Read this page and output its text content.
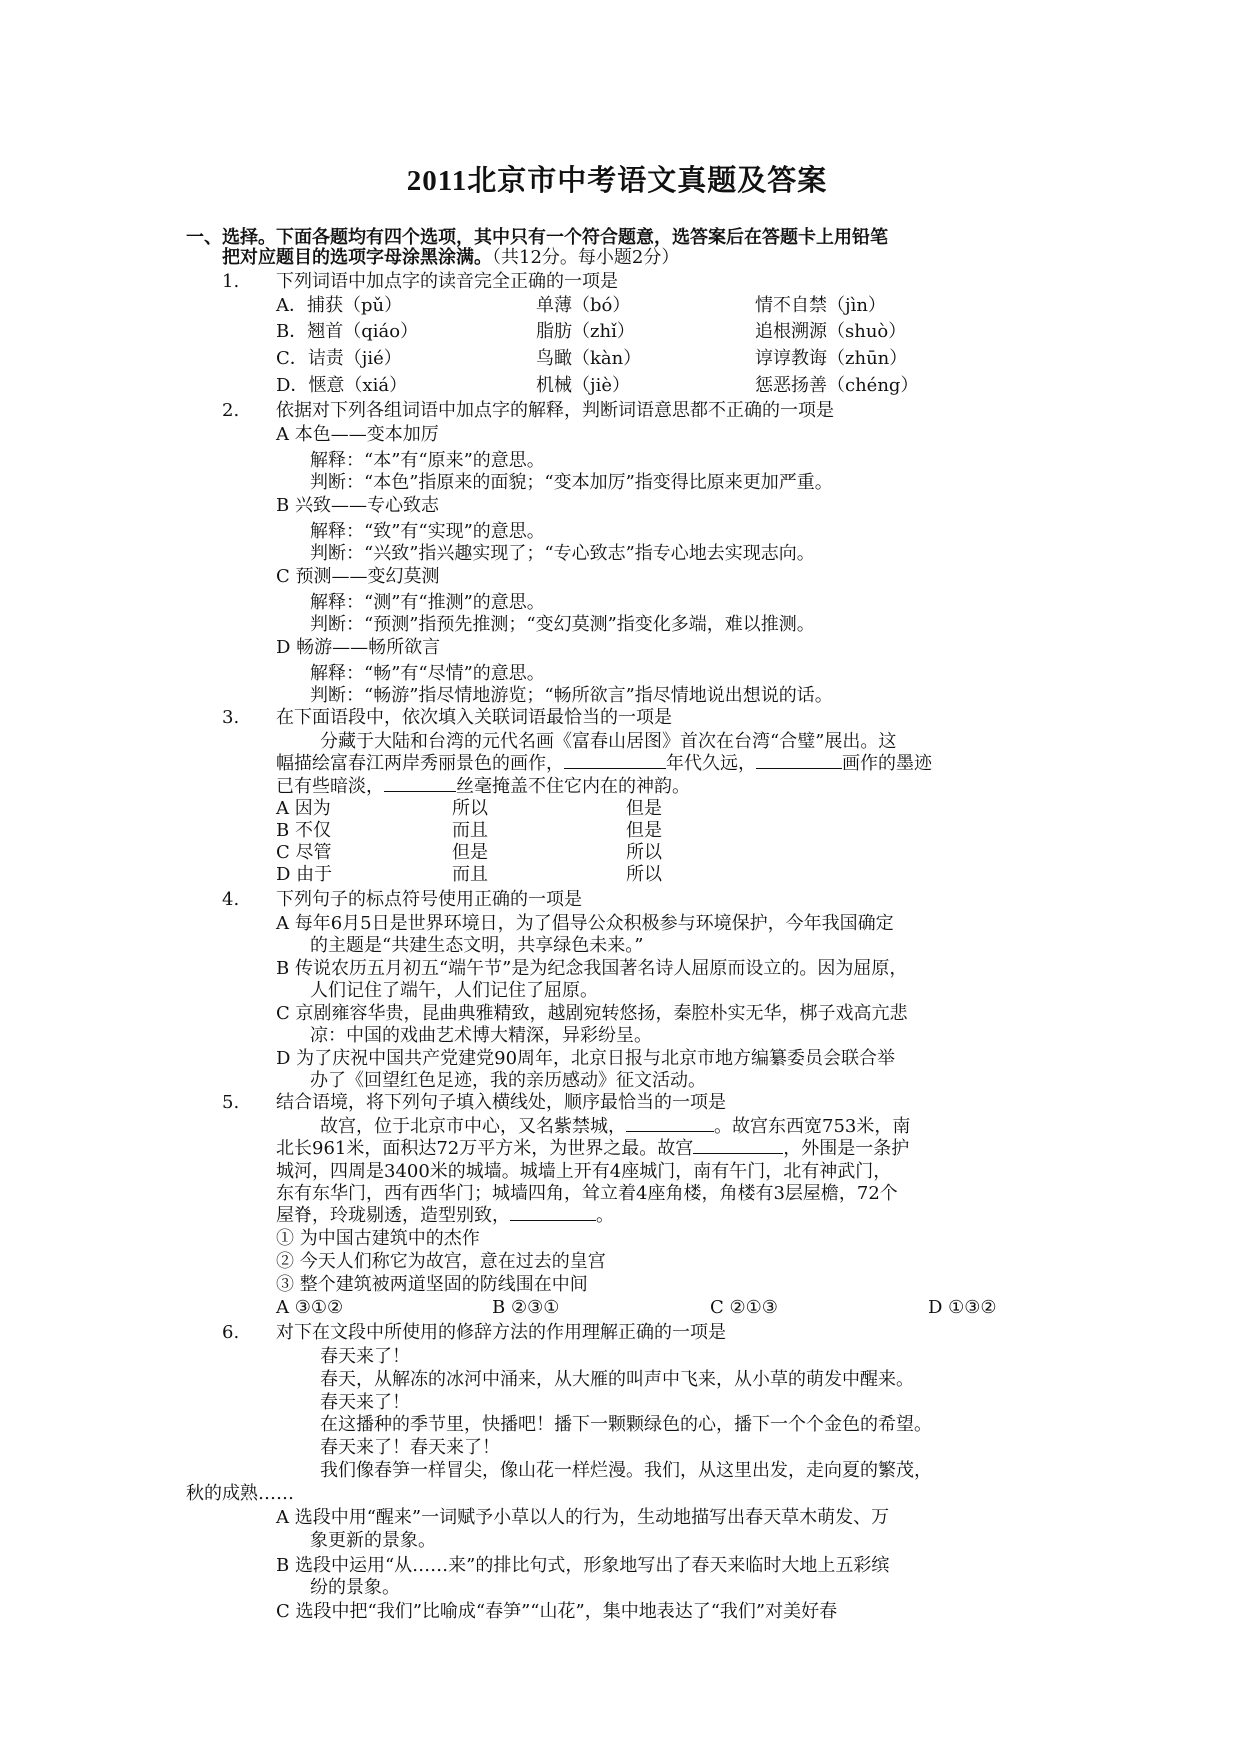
2011北京市中考语文真题及答案
一、选择。下面各题均有四个选项，其中只有一个符合题意，选答案后在答题卡上用铅笔
把对应题目的选项字母涂黑涂满。（共12分。每小题2分）
1. 下列词语中加点字的读音完全正确的一项是
A．捕获（pǔ）	单薄（bó）	情不自禁（jìn）
B．翘首（qiáo）	脂肪（zhǐ）	追根溯源（shuò）
C．诘责（jié）	鸟瞰（kàn）	谆谆教诲（zhūn）
D．惬意（xiá）	机械（jiè）	惩恶扬善（chéng）
2. 依据对下列各组词语中加点字的解释，判断词语意思都不正确的一项是
A 本色——变本加厉
解释：“本”有“原来”的意思。
判断：“本色”指原来的面貌；“变本加厉”指变得比原来更加严重。
B 兴致——专心致志
解释：“致”有“实现”的意思。
判断：“兴致”指兴趣实现了；“专心致志”指专心地去实现志向。
C 预测——变幻莫测
解释：“测”有“推测”的意思。
判断：“预测”指预先推测；“变幻莫测”指变化多端，难以推测。
D 畅游——畅所欲言
解释：“畅”有“尽情”的意思。
判断：“畅游”指尽情地游览；“畅所欲言”指尽情地说出想说的话。
3. 在下面语段中，依次填入关联词语最恰当的一项是
分藏于大陆和台湾的元代名画《富春山居图》首次在台湾“合璧”展出。这
幅描绘富春江两岸秀丽景色的画作，	年代久远，	画作的墨迹
已有些暗淡，	丝毫掩盖不住它内在的神韵。
A 因为	所以	但是
B 不仅	而且	但是
C 尽管	但是	所以
D 由于	而且	所以
4. 下列句子的标点符号使用正确的一项是
A 每年6月5日是世界环境日，为了倡导公众积极参与环境保护，今年我国确定
的主题是“共建生态文明，共享绿色未来。”
B 传说农历五月初五“端午节”是为纪念我国著名诗人屈原而设立的。因为屈原，
人们记住了端午，人们记住了屈原。
C 京剧雍容华贵，昆曲典雅精致，越剧宛转悠扬，秦腔朴实无华，梆子戏高亢悲
凉：中国的戏曲艺术博大精深，异彩纷呈。
D 为了庆祝中国共产党建党90周年，北京日报与北京市地方编纂委员会联合举
办了《回望红色足迹，我的亲历感动》征文活动。
5. 结合语境，将下列句子填入横线处，顺序最恰当的一项是
故宫，位于北京市中心，又名紫禁城，	。故宫东西宽753米，南
北长961米，面积达72万平方米，为世界之最。故宫	，外围是一条护
城河，四周是3400米的城墙。城墙上开有4座城门，南有午门，北有神武门，
东有东华门，西有西华门；城墙四角，耸立着4座角楼，角楼有3层屋檐，72个
屋脊，玲珑剔透，造型别致，	。
① 为中国古建筑中的杰作
② 今天人们称它为故宫，意在过去的皇宫
③ 整个建筑被两道坚固的防线围在中间
A ③①②	B ②③①	C ②①③	D ①③②
6. 对下在文段中所使用的修辞方法的作用理解正确的一项是
春天来了！
春天，从解冻的冰河中涌来，从大雁的叫声中飞来，从小草的萌发中醒来。
春天来了！
在这播种的季节里，快播吧！播下一颗颗绿色的心，播下一个个金色的希望。
春天来了！春天来了！
我们像春笋一样冒尖，像山花一样烂漫。我们，从这里出发，走向夏的繁茂，
秋的成熟……
A 选段中用“醒来”一词赋予小草以人的行为，生动地描写出春天草木萌发、万
象更新的景象。
B 选段中运用“从……来”的排比句式，形象地写出了春天来临时大地上五彩缤
纷的景象。
C 选段中把“我们”比喻成“春笋”“山花”，集中地表达了“我们”对美好春
